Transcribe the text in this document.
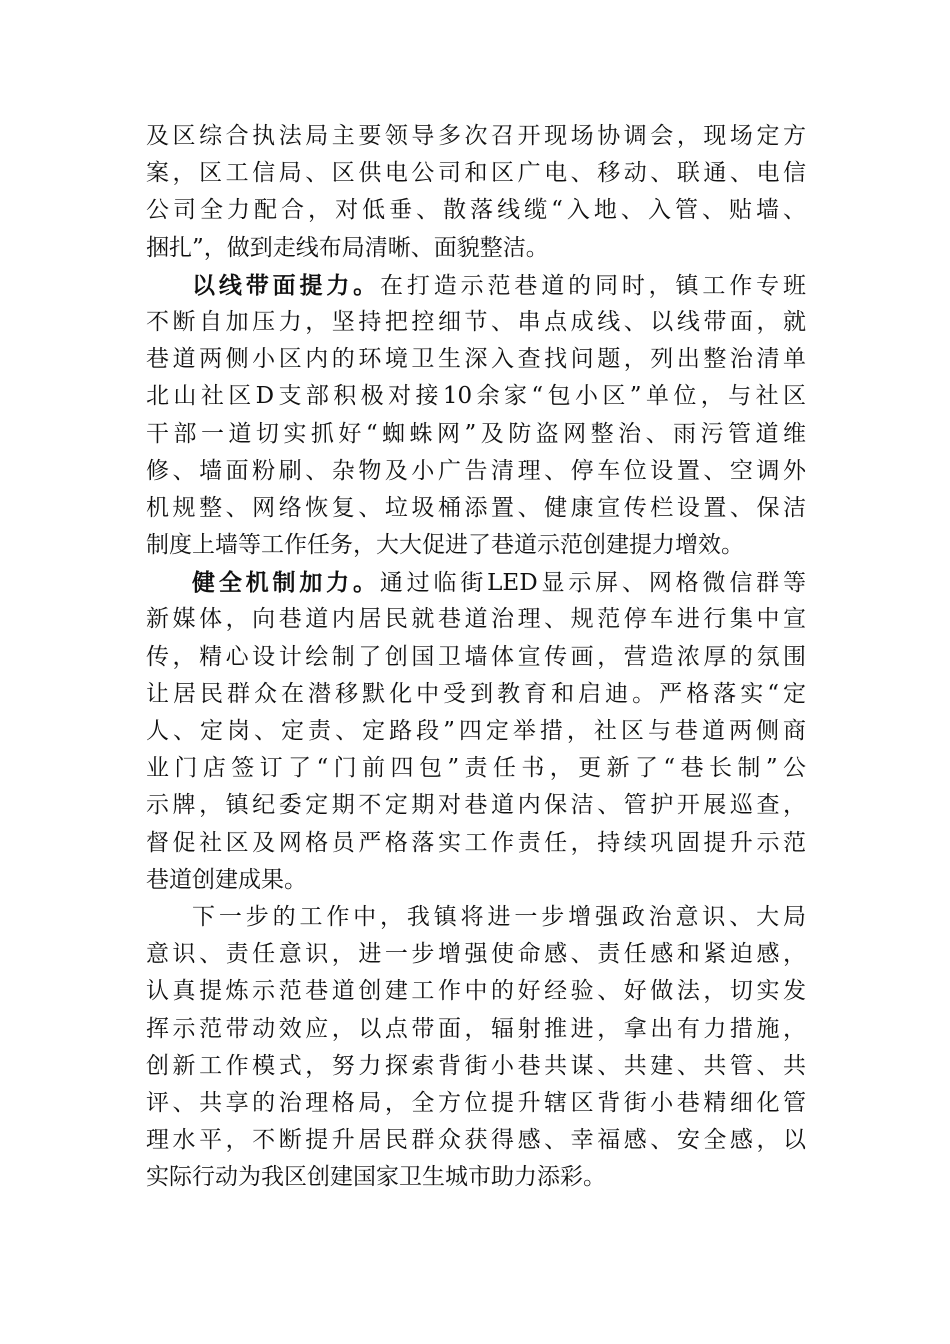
及区综合执法局主要领导多次召开现场协调会，现场定方
案，区工信局、区供电公司和区广电、移动、联通、电信
公司全力配合，对低垂、散落线缆“入地、入管、贴墙、
捆扎”，做到走线布局清晰、面貌整洁。
以线带面提力。在打造示范巷道的同时，镇工作专班
不断自加压力，坚持把控细节、串点成线、以线带面，就
巷道两侧小区内的环境卫生深入查找问题，列出整治清单
北山社区D支部积极对接10余家“包小区”单位，与社区
干部一道切实抓好“蜘蛛网”及防盗网整治、雨污管道维
修、墙面粉刷、杂物及小广告清理、停车位设置、空调外
机规整、网络恢复、垃圾桶添置、健康宣传栏设置、保洁
制度上墙等工作任务，大大促进了巷道示范创建提力增效。
健全机制加力。通过临街LED显示屏、网格微信群等
新媒体，向巷道内居民就巷道治理、规范停车进行集中宣
传，精心设计绘制了创国卫墙体宣传画，营造浓厚的氛围
让居民群众在潜移默化中受到教育和启迪。严格落实“定
人、定岗、定责、定路段”四定举措，社区与巷道两侧商
业门店签订了“门前四包”责任书，更新了“巷长制”公
示牌，镇纪委定期不定期对巷道内保洁、管护开展巡查，
督促社区及网格员严格落实工作责任，持续巩固提升示范
巷道创建成果。
下一步的工作中，我镇将进一步增强政治意识、大局
意识、责任意识，进一步增强使命感、责任感和紧迫感，
认真提炼示范巷道创建工作中的好经验、好做法，切实发
挥示范带动效应，以点带面，辐射推进，拿出有力措施，
创新工作模式，努力探索背街小巷共谋、共建、共管、共
评、共享的治理格局，全方位提升辖区背街小巷精细化管
理水平，不断提升居民群众获得感、幸福感、安全感，以
实际行动为我区创建国家卫生城市助力添彩。
